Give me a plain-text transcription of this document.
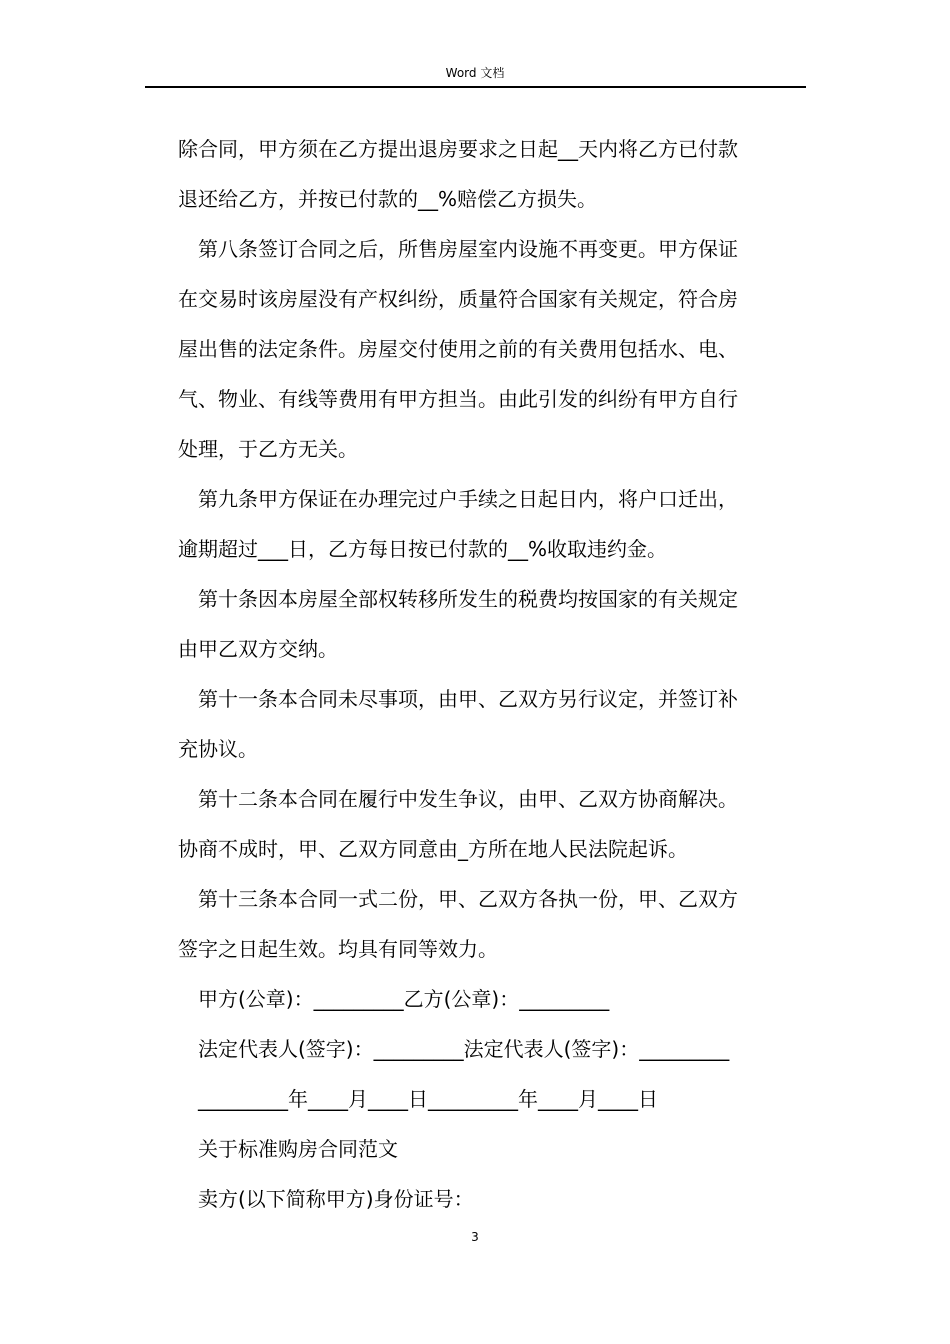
Word 文档
除合同，甲方须在乙方提出退房要求之日起__天内将乙方已付款
退还给乙方，并按已付款的__%赔偿乙方损失。
第八条签订合同之后，所售房屋室内设施不再变更。甲方保证
在交易时该房屋没有产权纠纷，质量符合国家有关规定，符合房
屋出售的法定条件。房屋交付使用之前的有关费用包括水、电、
气、物业、有线等费用有甲方担当。由此引发的纠纷有甲方自行
处理，于乙方无关。
第九条甲方保证在办理完过户手续之日起日内，将户口迁出，
逾期超过___日，乙方每日按已付款的__%收取违约金。
第十条因本房屋全部权转移所发生的税费均按国家的有关规定
由甲乙双方交纳。
第十一条本合同未尽事项，由甲、乙双方另行议定，并签订补
充协议。
第十二条本合同在履行中发生争议，由甲、乙双方协商解决。
协商不成时，甲、乙双方同意由_方所在地人民法院起诉。
第十三条本合同一式二份，甲、乙双方各执一份，甲、乙双方
签字之日起生效。均具有同等效力。
甲方(公章)：_________乙方(公章)：_________
法定代表人(签字)：_________法定代表人(签字)：_________
_________年____月____日_________年____月____日
关于标准购房合同范文
卖方(以下简称甲方)身份证号：
3
